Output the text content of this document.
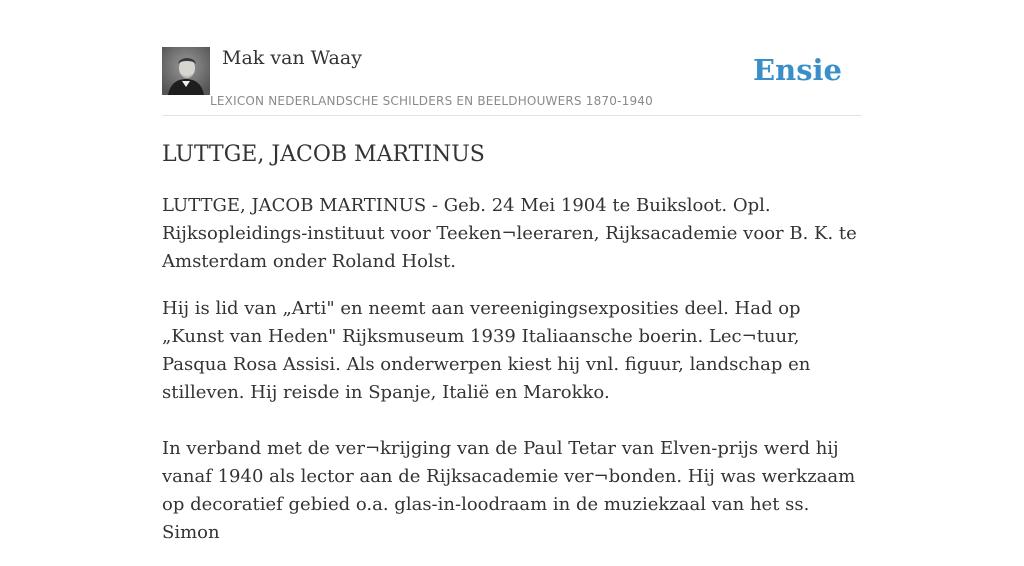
Mak van Waay
LEXICON NEDERLANDSCHE SCHILDERS EN BEELDHOUWERS 1870-1940
Ensie
LUTTGE, JACOB MARTINUS

LUTTGE, JACOB MARTINUS - Geb. 24 Mei 1904 te Buiksloot. Opl. Rijksopleidings-instituut voor Teeken¬leeraren, Rijksacademie voor B. K. te Amsterdam onder Roland Holst.

Hij is lid van „Arti" en neemt aan vereenigingsexposities deel. Had op „Kunst van Heden" Rijksmuseum 1939 Italiaansche boerin. Lec¬tuur, Pasqua Rosa Assisi. Als onderwerpen kiest hij vnl. figuur, landschap en stilleven. Hij reisde in Spanje, Italië en Marokko.

In verband met de ver¬krijging van de Paul Tetar van Elven-prijs werd hij vanaf 1940 als lector aan de Rijksacademie ver¬bonden. Hij was werkzaam op decoratief gebied o.a. glas-in-loodraam in de muziekzaal van het ss. Simon
